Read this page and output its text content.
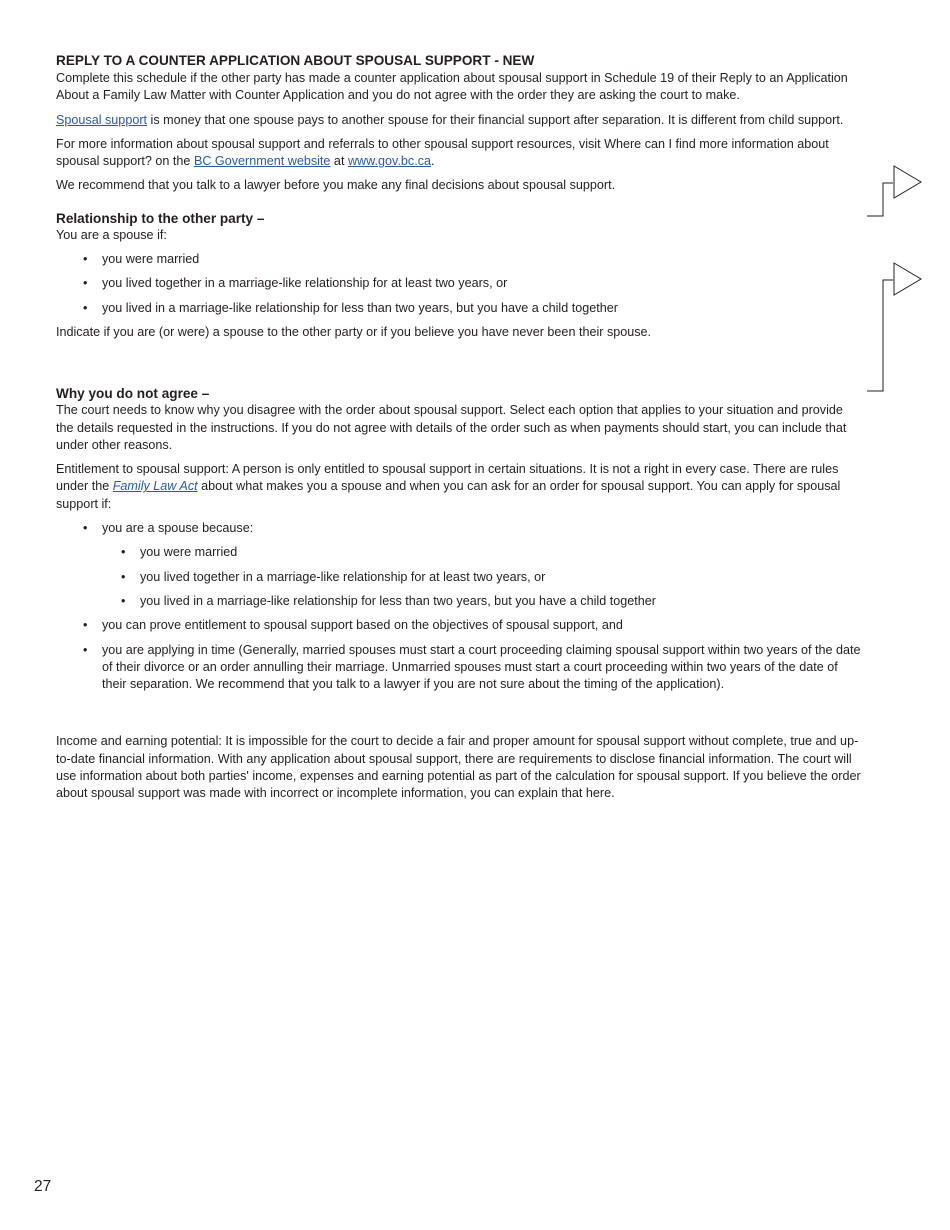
REPLY TO A COUNTER APPLICATION ABOUT SPOUSAL SUPPORT - NEW

Complete this schedule if the other party has made a counter application about spousal support in Schedule 19 of their Reply to an Application About a Family Law Matter with Counter Application and you do not agree with the order they are asking the court to make.

Spousal support is money that one spouse pays to another spouse for their financial support after separation. It is different from child support.

For more information about spousal support and referrals to other spousal support resources, visit Where can I find more information about spousal support? on the BC Government website at www.gov.bc.ca.

We recommend that you talk to a lawyer before you make any final decisions about spousal support.

Relationship to the other party –

You are a spouse if:

• you were married
• you lived together in a marriage-like relationship for at least two years, or
• you lived in a marriage-like relationship for less than two years, but you have a child together

Indicate if you are (or were) a spouse to the other party or if you believe you have never been their spouse.

Why you do not agree –

The court needs to know why you disagree with the order about spousal support. Select each option that applies to your situation and provide the details requested in the instructions. If you do not agree with details of the order such as when payments should start, you can include that under other reasons.

Entitlement to spousal support: A person is only entitled to spousal support in certain situations. It is not a right in every case. There are rules under the Family Law Act about what makes you a spouse and when you can ask for an order for spousal support. You can apply for spousal support if:

• you are a spouse because:
• you were married
• you lived together in a marriage-like relationship for at least two years, or
• you lived in a marriage-like relationship for less than two years, but you have a child together
• you can prove entitlement to spousal support based on the objectives of spousal support, and
• you are applying in time (Generally, married spouses must start a court proceeding claiming spousal support within two years of the date of their divorce or an order annulling their marriage. Unmarried spouses must start a court proceeding within two years of the date of their separation. We recommend that you talk to a lawyer if you are not sure about the timing of the application).

Income and earning potential: It is impossible for the court to decide a fair and proper amount for spousal support without complete, true and up-to-date financial information. With any application about spousal support, there are requirements to disclose financial information. The court will use information about both parties' income, expenses and earning potential as part of the calculation for spousal support. If you believe the order about spousal support was made with incorrect or incomplete information, you can explain that here.

27
